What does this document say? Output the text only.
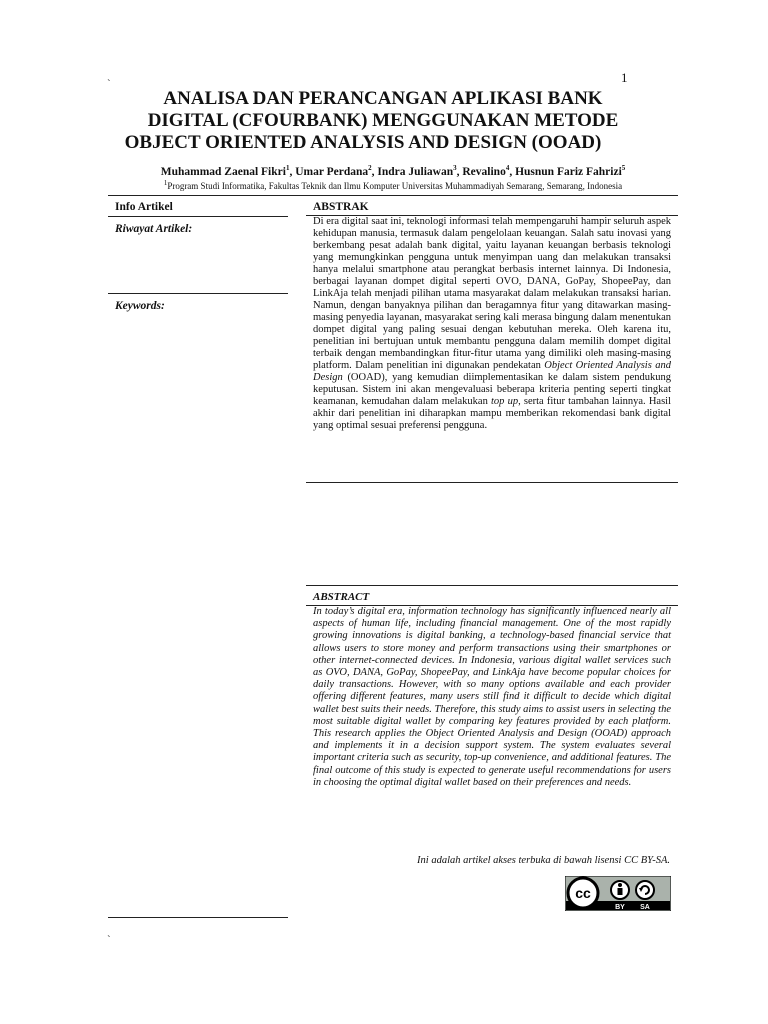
`	1
ANALISA DAN PERANCANGAN APLIKASI BANK
DIGITAL (CFOURBANK) MENGGUNAKAN METODE
OBJECT ORIENTED ANALYSIS AND DESIGN (OOAD)
Muhammad Zaenal Fikri$^1$, Umar Perdana$^2$, Indra Juliawan$^3$, Revalino$^4$, Husnun Fariz Fahrizi$^5$
$^1$Program Studi Informatika, Fakultas Teknik dan Ilmu Komputer Universitas Muhammadiyah Semarang, Semarang, Indonesia
Info Artikel
Riwayat Artikel:
Keywords:
ABSTRAK
Di era digital saat ini, teknologi informasi telah mempengaruhi hampir seluruh aspek kehidupan manusia, termasuk dalam pengelolaan keuangan. Salah satu inovasi yang berkembang pesat adalah bank digital, yaitu layanan keuangan berbasis teknologi yang memungkinkan pengguna untuk menyimpan uang dan melakukan transaksi hanya melalui smartphone atau perangkat berbasis internet lainnya. Di Indonesia, berbagai layanan dompet digital seperti OVO, DANA, GoPay, ShopeePay, dan LinkAja telah menjadi pilihan utama masyarakat dalam melakukan transaksi harian. Namun, dengan banyaknya pilihan dan beragamnya fitur yang ditawarkan masing-masing penyedia layanan, masyarakat sering kali merasa bingung dalam menentukan dompet digital yang paling sesuai dengan kebutuhan mereka. Oleh karena itu, penelitian ini bertujuan untuk membantu pengguna dalam memilih dompet digital terbaik dengan membandingkan fitur-fitur utama yang dimiliki oleh masing-masing platform. Dalam penelitian ini digunakan pendekatan Object Oriented Analysis and Design (OOAD), yang kemudian diimplementasikan ke dalam sistem pendukung keputusan. Sistem ini akan mengevaluasi beberapa kriteria penting seperti tingkat keamanan, kemudahan dalam melakukan top up, serta fitur tambahan lainnya. Hasil akhir dari penelitian ini diharapkan mampu memberikan rekomendasi bank digital yang optimal sesuai preferensi pengguna.
ABSTRACT
In today’s digital era, information technology has significantly influenced nearly all aspects of human life, including financial management. One of the most rapidly growing innovations is digital banking, a technology-based financial service that allows users to store money and perform transactions using their smartphones or other internet-connected devices. In Indonesia, various digital wallet services such as OVO, DANA, GoPay, ShopeePay, and LinkAja have become popular choices for daily transactions. However, with so many options available and each provider offering different features, many users still find it difficult to decide which digital wallet best suits their needs. Therefore, this study aims to assist users in selecting the most suitable digital wallet by comparing key features provided by each platform. This research applies the Object Oriented Analysis and Design (OOAD) approach and implements it in a decision support system. The system evaluates several important criteria such as security, top-up convenience, and additional features. The final outcome of this study is expected to generate useful recommendations for users in choosing the optimal digital wallet based on their preferences and needs.
Ini adalah artikel akses terbuka di bawah lisensi CC BY-SA.
cc
BY SA
`
